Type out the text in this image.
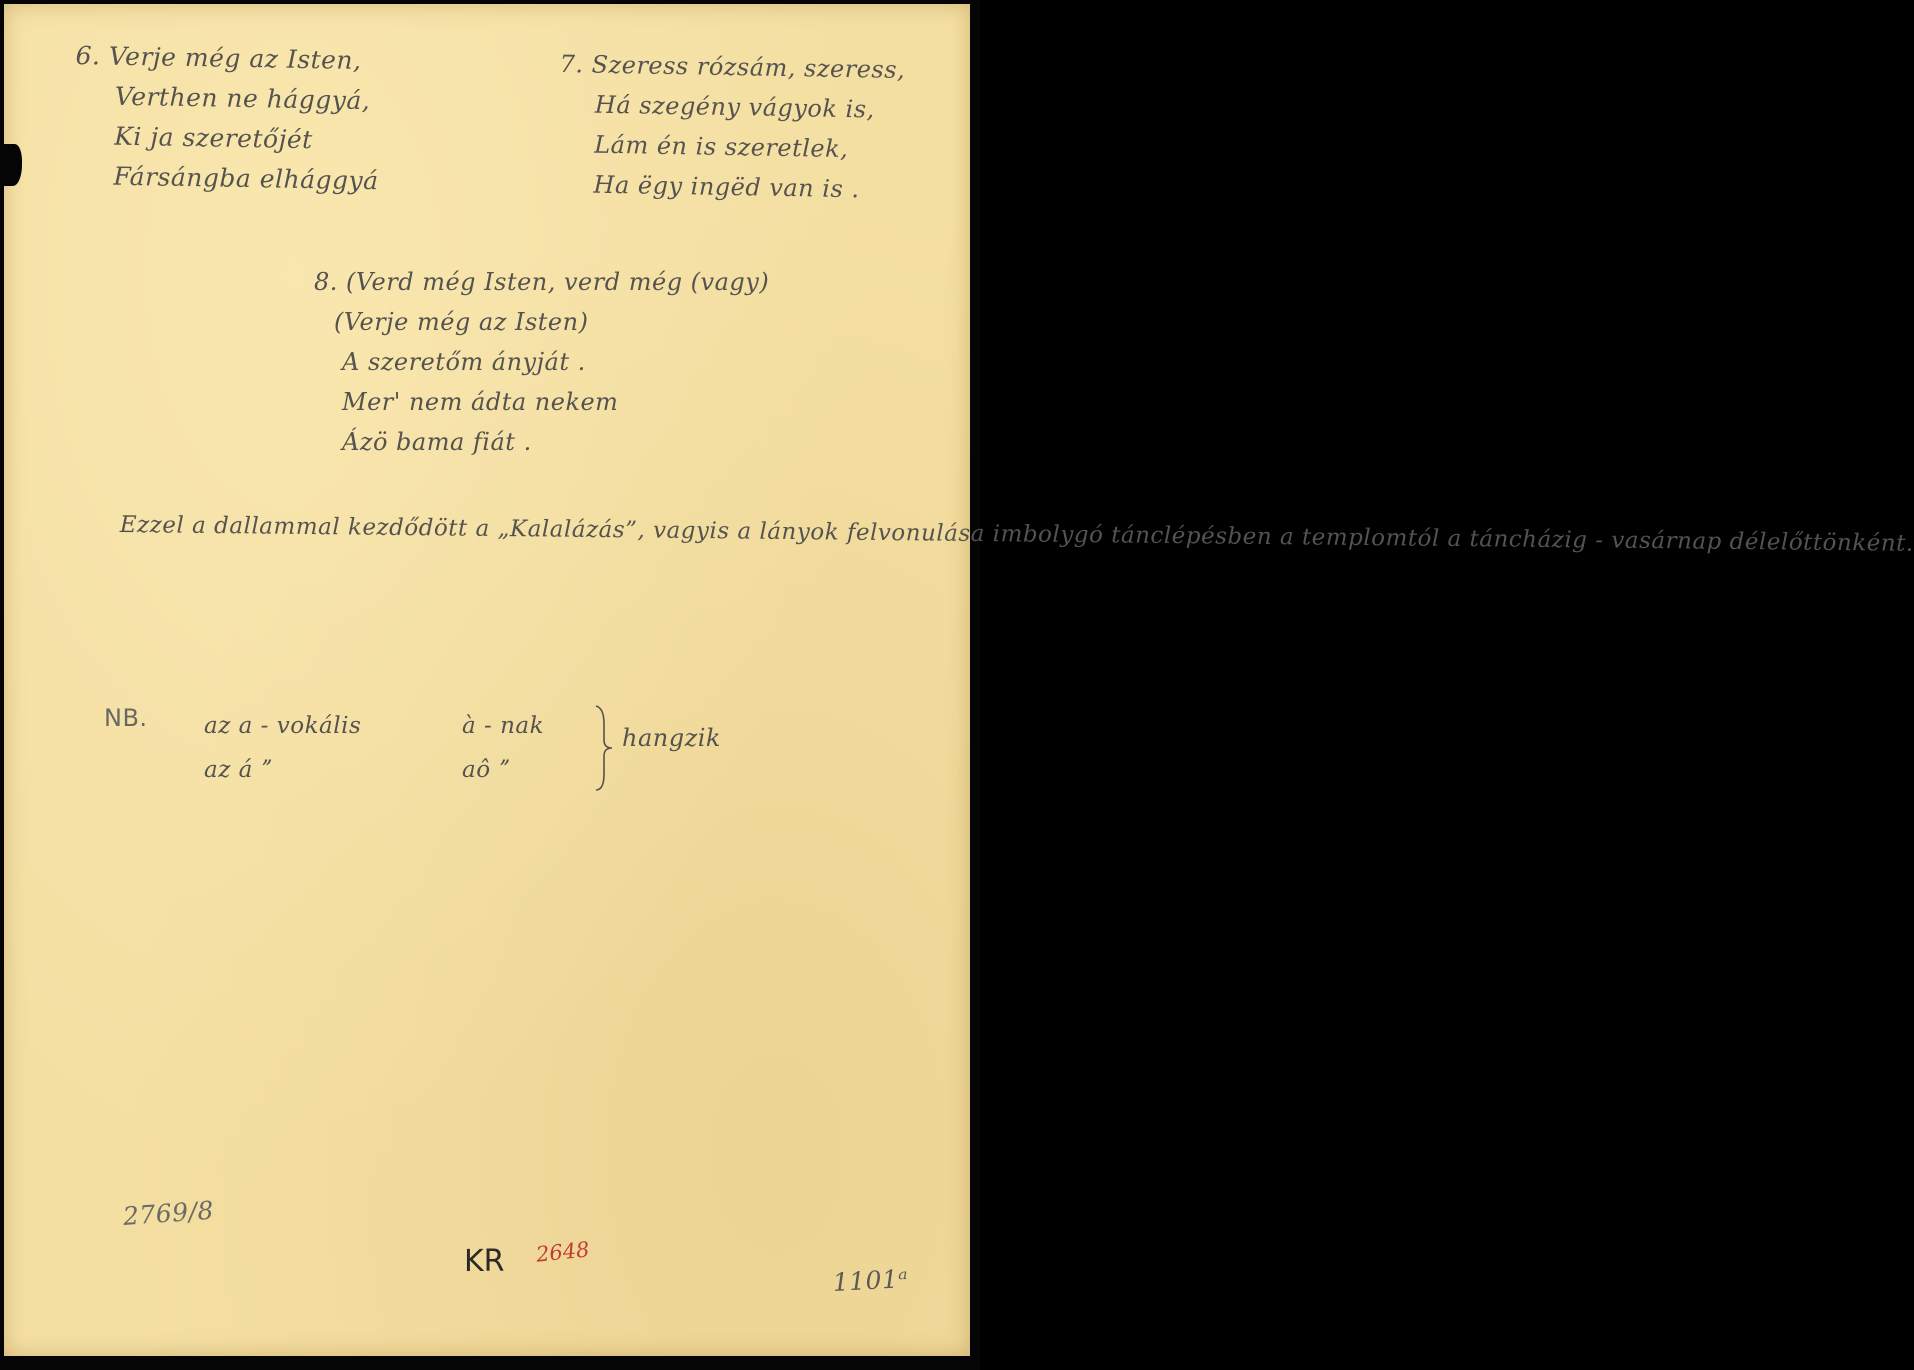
6. Verje még az Isten,
Verthen ne hággyá,
Ki ja szeretőjét
Fársángba elhággyá
7. Szeress rózsám, szeress,
Há szegény vágyok is,
Lám én is szeretlek,
Ha ëgy ingëd van is .
8. (Verd még Isten, verd még (vagy)
(Verje még az Isten)
A szeretőm ányját .
Mer' nem ádta nekem
Ázö bama fiát .
Ezzel a dallammal kezdődött a „Kalalázás”, vagyis a lányok felvonulása imbolygó tánclépésben a templomtól a táncházig - vasárnap délelőttönként.
NB. az a - vokális	à - nak
az á ˮ	aô ˮ
hangzik
2769/8
KR 2648
1101ᵃ
